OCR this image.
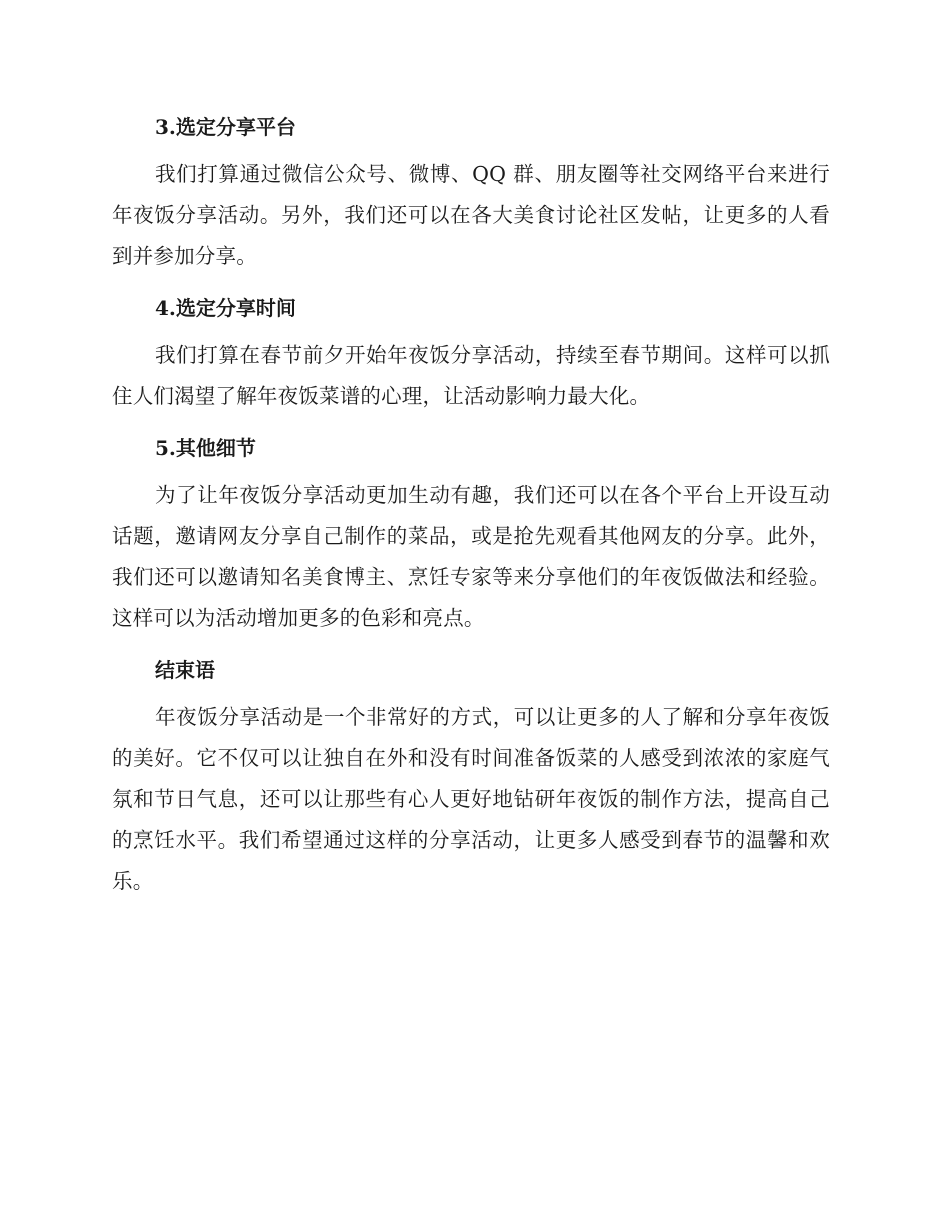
3.选定分享平台

我们打算通过微信公众号、微博、QQ 群、朋友圈等社交网络平台来进行年夜饭分享活动。另外，我们还可以在各大美食讨论社区发帖，让更多的人看到并参加分享。

4.选定分享时间

我们打算在春节前夕开始年夜饭分享活动，持续至春节期间。这样可以抓住人们渴望了解年夜饭菜谱的心理，让活动影响力最大化。

5.其他细节

为了让年夜饭分享活动更加生动有趣，我们还可以在各个平台上开设互动话题，邀请网友分享自己制作的菜品，或是抢先观看其他网友的分享。此外，我们还可以邀请知名美食博主、烹饪专家等来分享他们的年夜饭做法和经验。这样可以为活动增加更多的色彩和亮点。

结束语

年夜饭分享活动是一个非常好的方式，可以让更多的人了解和分享年夜饭的美好。它不仅可以让独自在外和没有时间准备饭菜的人感受到浓浓的家庭气氛和节日气息，还可以让那些有心人更好地钻研年夜饭的制作方法，提高自己的烹饪水平。我们希望通过这样的分享活动，让更多人感受到春节的温馨和欢乐。
